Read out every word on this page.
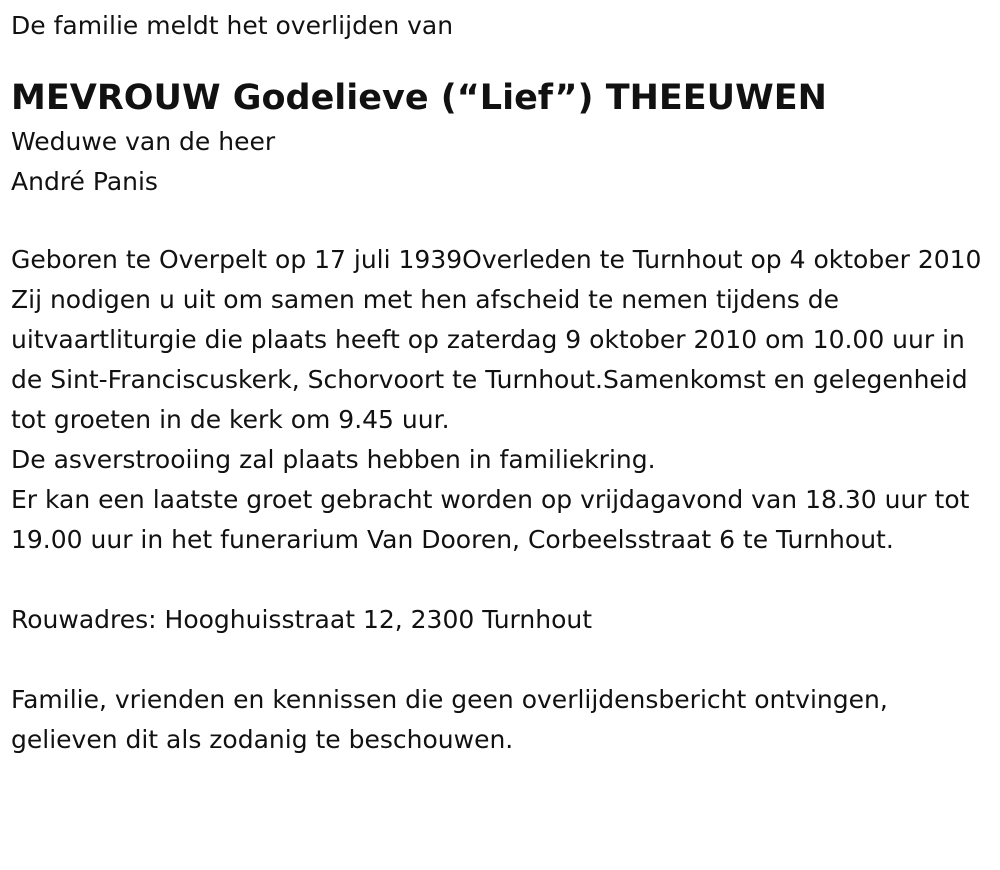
De familie meldt het overlijden van

MEVROUW Godelieve (“Lief”) THEEUWEN
Weduwe van de heer
André Panis

Geboren te Overpelt op 17 juli 1939Overleden te Turnhout op 4 oktober 2010

Zij nodigen u uit om samen met hen afscheid te nemen tijdens de uitvaartliturgie die plaats heeft op zaterdag 9 oktober 2010 om 10.00 uur in de Sint-Franciscuskerk, Schorvoort te Turnhout.Samenkomst en gelegenheid tot groeten in de kerk om 9.45 uur.

De asverstrooiing zal plaats hebben in familiekring.

Er kan een laatste groet gebracht worden op vrijdagavond van 18.30 uur tot 19.00 uur in het funerarium Van Dooren, Corbeelsstraat 6 te Turnhout.

Rouwadres: Hooghuisstraat 12, 2300 Turnhout

Familie, vrienden en kennissen die geen overlijdensbericht ontvingen, gelieven dit als zodanig te beschouwen.
